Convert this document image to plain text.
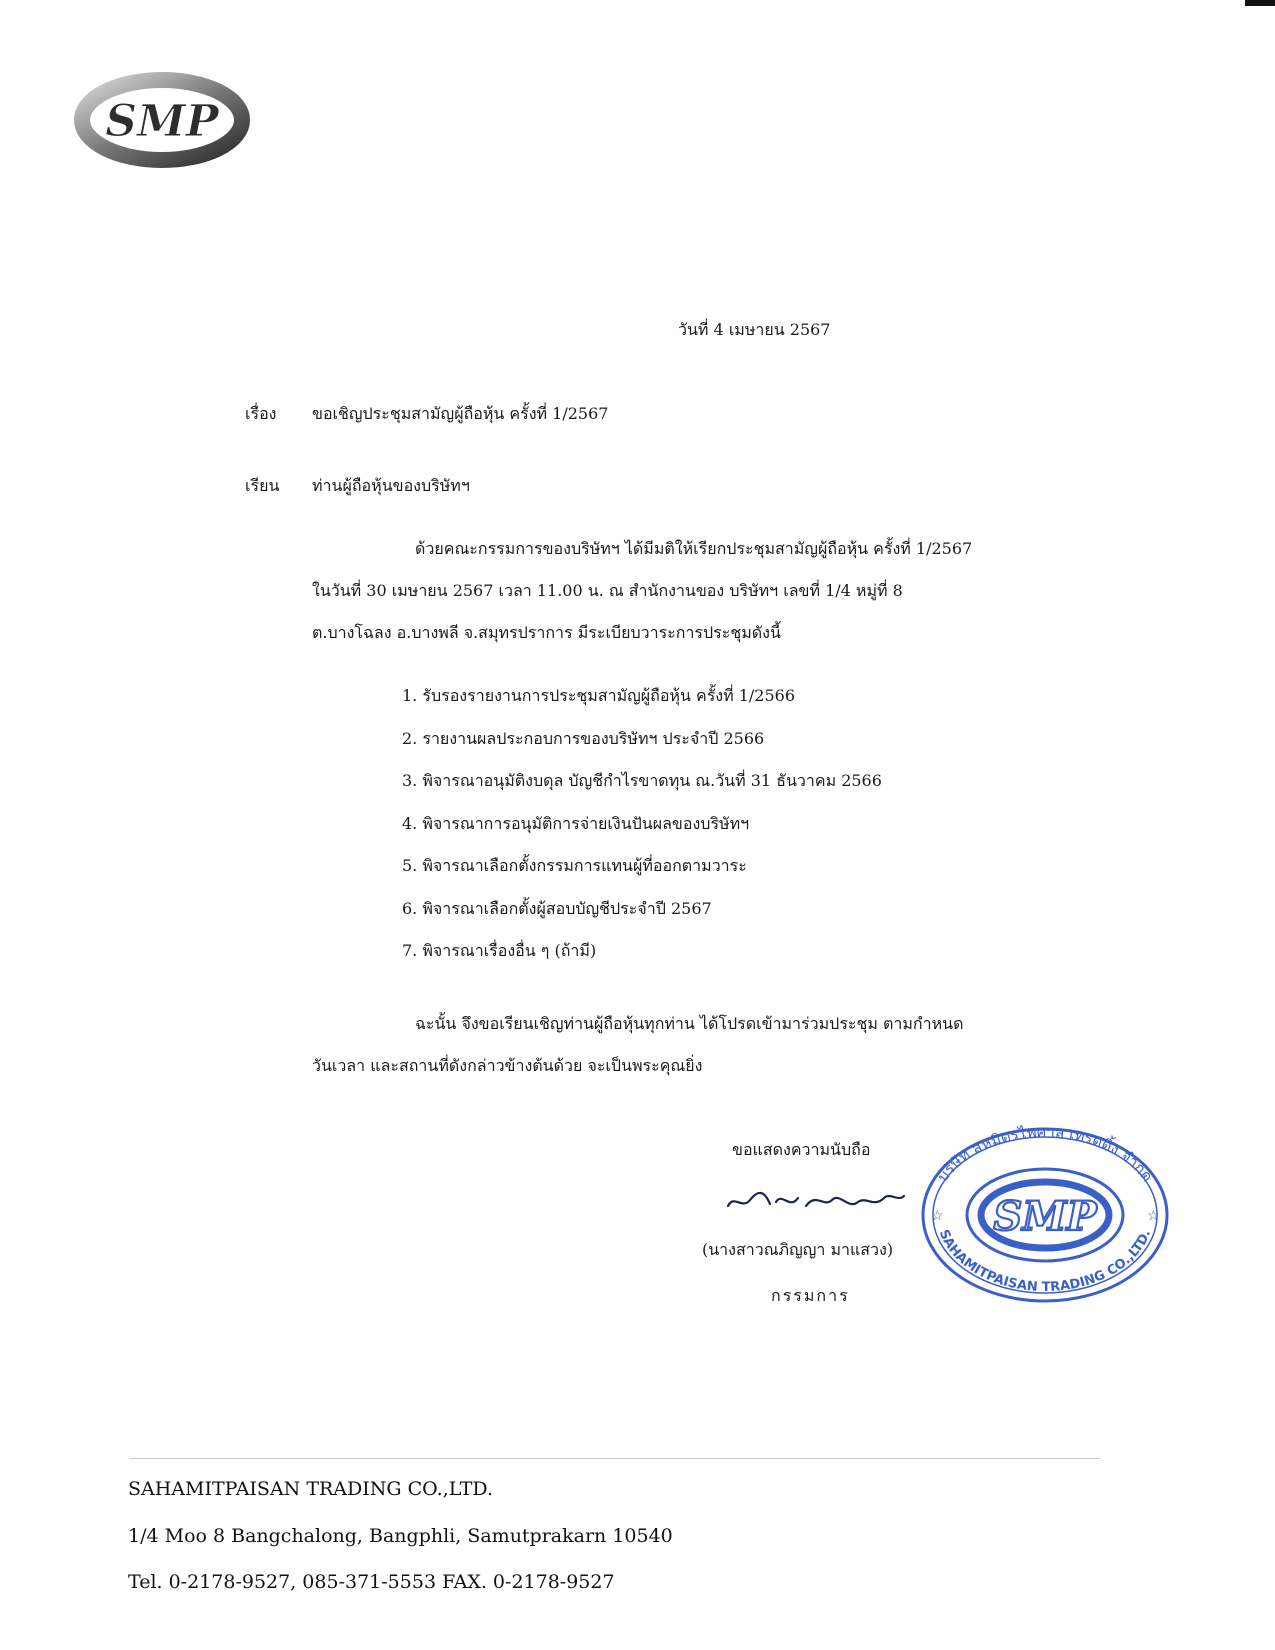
SMP
วันที่ 4 เมษายน 2567
เรื่อง ขอเชิญประชุมสามัญผู้ถือหุ้น ครั้งที่ 1/2567
เรียน ท่านผู้ถือหุ้นของบริษัทฯ
ด้วยคณะกรรมการของบริษัทฯ ได้มีมติให้เรียกประชุมสามัญผู้ถือหุ้น ครั้งที่ 1/2567
ในวันที่ 30 เมษายน 2567 เวลา 11.00 น. ณ สำนักงานของ บริษัทฯ เลขที่ 1/4 หมู่ที่ 8
ต.บางโฉลง อ.บางพลี จ.สมุทรปราการ มีระเบียบวาระการประชุมดังนี้
1. รับรองรายงานการประชุมสามัญผู้ถือหุ้น ครั้งที่ 1/2566
2. รายงานผลประกอบการของบริษัทฯ ประจำปี 2566
3. พิจารณาอนุมัติงบดุล บัญชีกำไรขาดทุน ณ.วันที่ 31 ธันวาคม 2566
4. พิจารณาการอนุมัติการจ่ายเงินปันผลของบริษัทฯ
5. พิจารณาเลือกตั้งกรรมการแทนผู้ที่ออกตามวาระ
6. พิจารณาเลือกตั้งผู้สอบบัญชีประจำปี 2567
7. พิจารณาเรื่องอื่น ๆ (ถ้ามี)
ฉะนั้น จึงขอเรียนเชิญท่านผู้ถือหุ้นทุกท่าน ได้โปรดเข้ามาร่วมประชุม ตามกำหนด
วันเวลา และสถานที่ดังกล่าวข้างต้นด้วย จะเป็นพระคุณยิ่ง
ขอแสดงความนับถือ
(นางสาวณภิญญา มาแสวง)
กรรมการ
บริษัท สหมิตรไพศาล เทรดดิ้ง จำกัด
SAHAMITPAISAN TRADING CO.,LTD.
SMP
☆	☆
SAHAMITPAISAN TRADING CO.,LTD.
1/4 Moo 8 Bangchalong, Bangphli, Samutprakarn 10540
Tel. 0-2178-9527, 085-371-5553 FAX. 0-2178-9527
